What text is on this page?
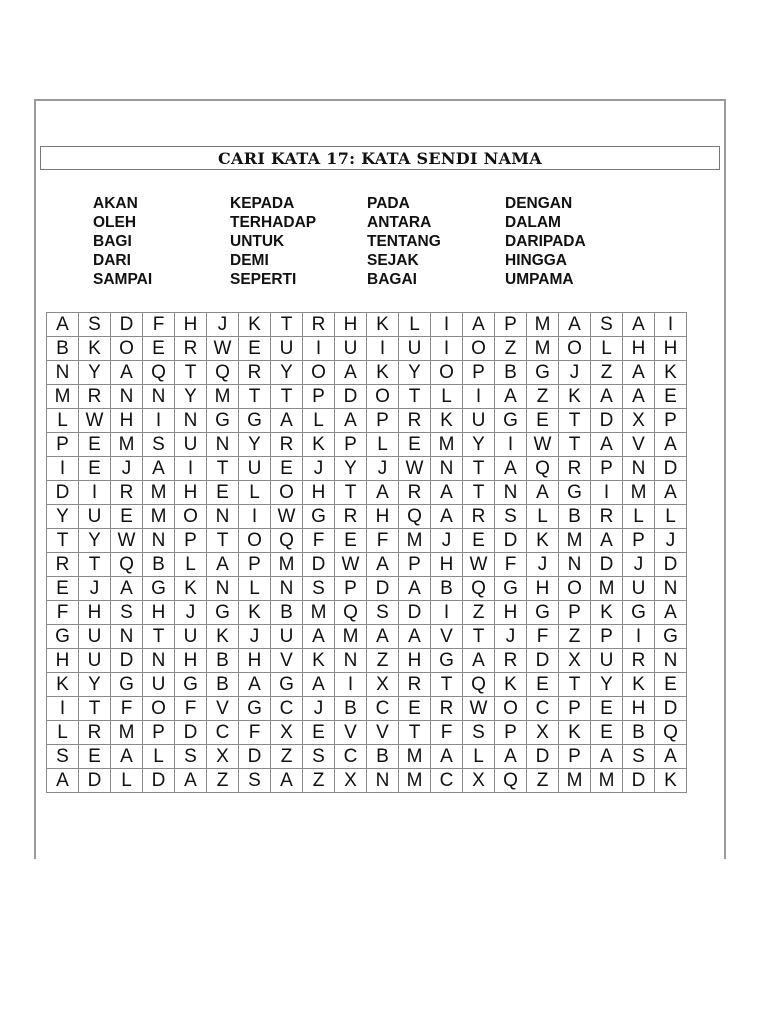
CARI KATA 17: KATA SENDI NAMA
AKAN
OLEH
BAGI
DARI
SAMPAI
KEPADA
TERHADAP
UNTUK
DEMI
SEPERTI
PADA
ANTARA
TENTANG
SEJAK
BAGAI
DENGAN
DALAM
DARIPADA
HINGGA
UMPAMA
A	S	D	F	H	J	K	T	R	H	K	L	I	A	P	M	A	S	A	I
B	K	O	E	R	W	E	U	I	U	I	U	I	O	Z	M	O	L	H	H
N	Y	A	Q	T	Q	R	Y	O	A	K	Y	O	P	B	G	J	Z	A	K
M	R	N	N	Y	M	T	T	P	D	O	T	L	I	A	Z	K	A	A	E
L	W	H	I	N	G	G	A	L	A	P	R	K	U	G	E	T	D	X	P
P	E	M	S	U	N	Y	R	K	P	L	E	M	Y	I	W	T	A	V	A
I	E	J	A	I	T	U	E	J	Y	J	W	N	T	A	Q	R	P	N	D
D	I	R	M	H	E	L	O	H	T	A	R	A	T	N	A	G	I	M	A
Y	U	E	M	O	N	I	W	G	R	H	Q	A	R	S	L	B	R	L	L
T	Y	W	N	P	T	O	Q	F	E	F	M	J	E	D	K	M	A	P	J
R	T	Q	B	L	A	P	M	D	W	A	P	H	W	F	J	N	D	J	D
E	J	A	G	K	N	L	N	S	P	D	A	B	Q	G	H	O	M	U	N
F	H	S	H	J	G	K	B	M	Q	S	D	I	Z	H	G	P	K	G	A
G	U	N	T	U	K	J	U	A	M	A	A	V	T	J	F	Z	P	I	G
H	U	D	N	H	B	H	V	K	N	Z	H	G	A	R	D	X	U	R	N
K	Y	G	U	G	B	A	G	A	I	X	R	T	Q	K	E	T	Y	K	E
I	T	F	O	F	V	G	C	J	B	C	E	R	W	O	C	P	E	H	D
L	R	M	P	D	C	F	X	E	V	V	T	F	S	P	X	K	E	B	Q
S	E	A	L	S	X	D	Z	S	C	B	M	A	L	A	D	P	A	S	A
A	D	L	D	A	Z	S	A	Z	X	N	M	C	X	Q	Z	M	M	D	K
